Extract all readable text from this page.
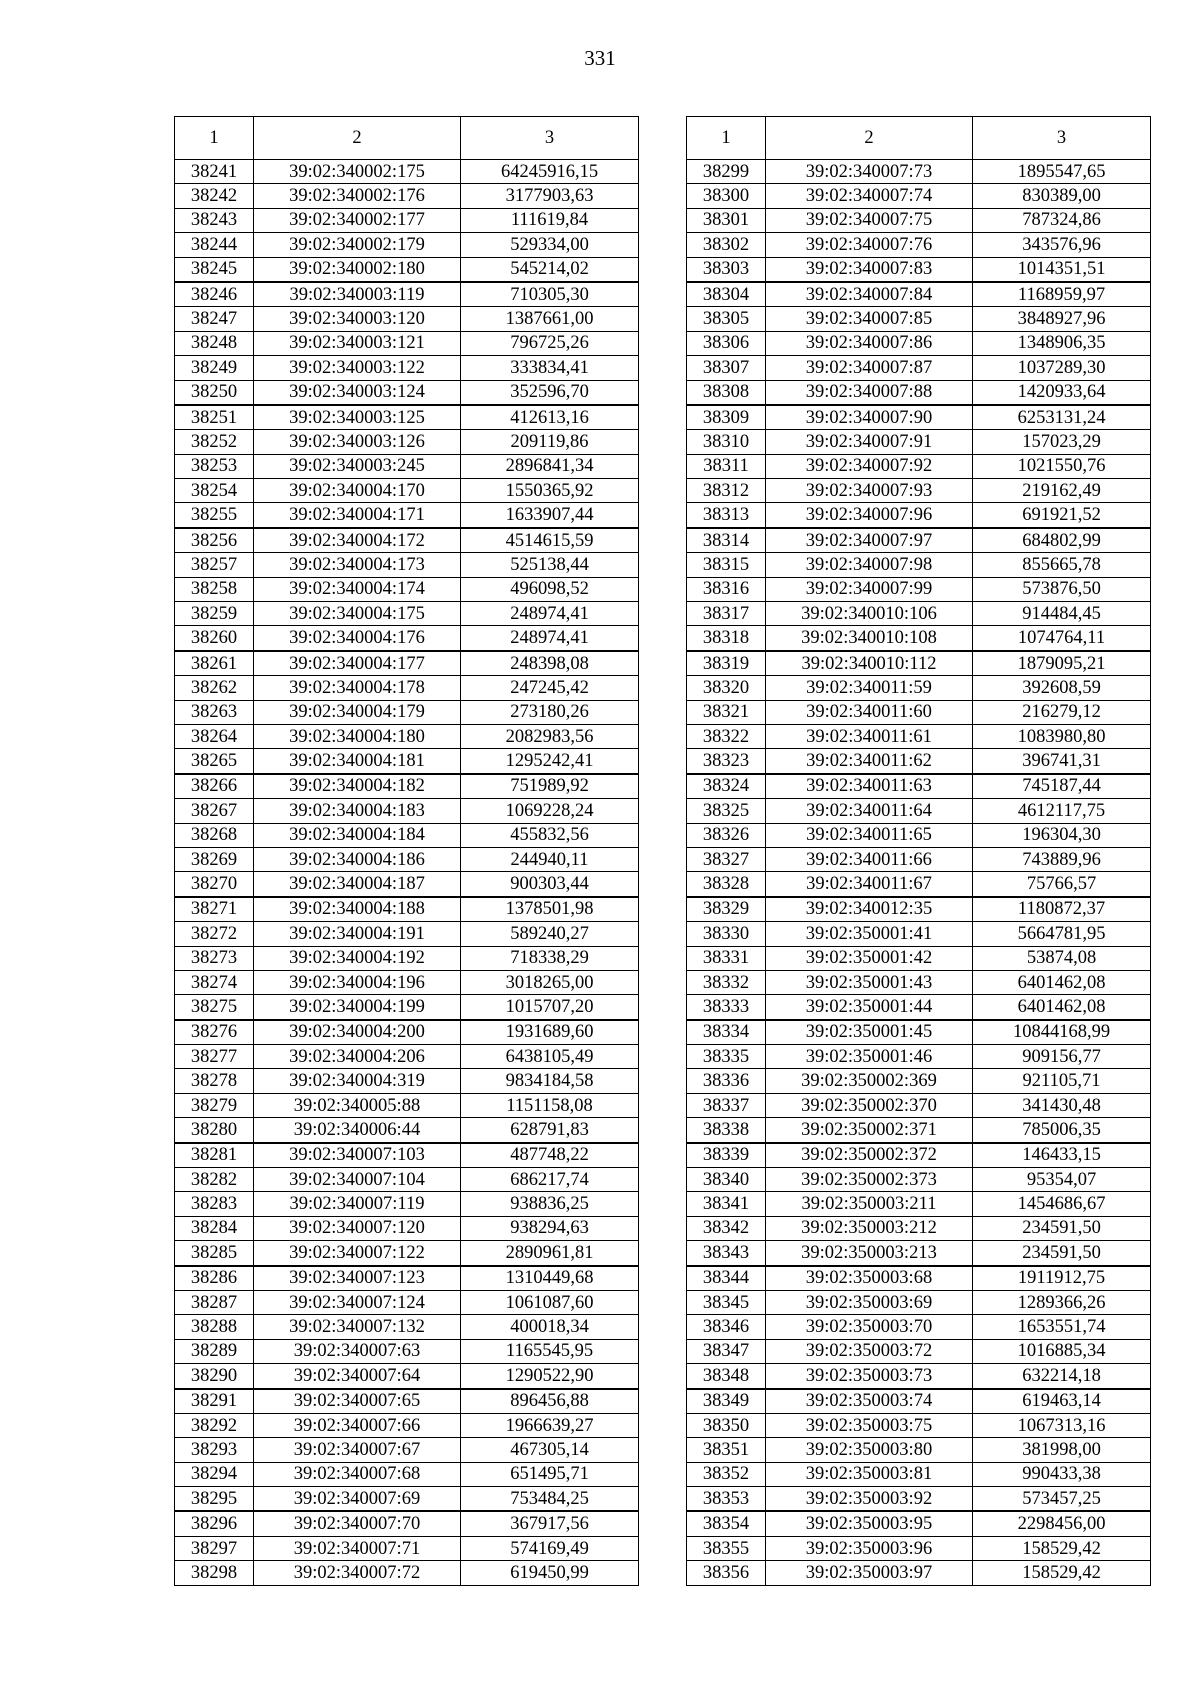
331
1	2	3
38241	39:02:340002:175	64245916,15
38242	39:02:340002:176	3177903,63
38243	39:02:340002:177	111619,84
38244	39:02:340002:179	529334,00
38245	39:02:340002:180	545214,02
38246	39:02:340003:119	710305,30
38247	39:02:340003:120	1387661,00
38248	39:02:340003:121	796725,26
38249	39:02:340003:122	333834,41
38250	39:02:340003:124	352596,70
38251	39:02:340003:125	412613,16
38252	39:02:340003:126	209119,86
38253	39:02:340003:245	2896841,34
38254	39:02:340004:170	1550365,92
38255	39:02:340004:171	1633907,44
38256	39:02:340004:172	4514615,59
38257	39:02:340004:173	525138,44
38258	39:02:340004:174	496098,52
38259	39:02:340004:175	248974,41
38260	39:02:340004:176	248974,41
38261	39:02:340004:177	248398,08
38262	39:02:340004:178	247245,42
38263	39:02:340004:179	273180,26
38264	39:02:340004:180	2082983,56
38265	39:02:340004:181	1295242,41
38266	39:02:340004:182	751989,92
38267	39:02:340004:183	1069228,24
38268	39:02:340004:184	455832,56
38269	39:02:340004:186	244940,11
38270	39:02:340004:187	900303,44
38271	39:02:340004:188	1378501,98
38272	39:02:340004:191	589240,27
38273	39:02:340004:192	718338,29
38274	39:02:340004:196	3018265,00
38275	39:02:340004:199	1015707,20
38276	39:02:340004:200	1931689,60
38277	39:02:340004:206	6438105,49
38278	39:02:340004:319	9834184,58
38279	39:02:340005:88	1151158,08
38280	39:02:340006:44	628791,83
38281	39:02:340007:103	487748,22
38282	39:02:340007:104	686217,74
38283	39:02:340007:119	938836,25
38284	39:02:340007:120	938294,63
38285	39:02:340007:122	2890961,81
38286	39:02:340007:123	1310449,68
38287	39:02:340007:124	1061087,60
38288	39:02:340007:132	400018,34
38289	39:02:340007:63	1165545,95
38290	39:02:340007:64	1290522,90
38291	39:02:340007:65	896456,88
38292	39:02:340007:66	1966639,27
38293	39:02:340007:67	467305,14
38294	39:02:340007:68	651495,71
38295	39:02:340007:69	753484,25
38296	39:02:340007:70	367917,56
38297	39:02:340007:71	574169,49
38298	39:02:340007:72	619450,99
1	2	3
38299	39:02:340007:73	1895547,65
38300	39:02:340007:74	830389,00
38301	39:02:340007:75	787324,86
38302	39:02:340007:76	343576,96
38303	39:02:340007:83	1014351,51
38304	39:02:340007:84	1168959,97
38305	39:02:340007:85	3848927,96
38306	39:02:340007:86	1348906,35
38307	39:02:340007:87	1037289,30
38308	39:02:340007:88	1420933,64
38309	39:02:340007:90	6253131,24
38310	39:02:340007:91	157023,29
38311	39:02:340007:92	1021550,76
38312	39:02:340007:93	219162,49
38313	39:02:340007:96	691921,52
38314	39:02:340007:97	684802,99
38315	39:02:340007:98	855665,78
38316	39:02:340007:99	573876,50
38317	39:02:340010:106	914484,45
38318	39:02:340010:108	1074764,11
38319	39:02:340010:112	1879095,21
38320	39:02:340011:59	392608,59
38321	39:02:340011:60	216279,12
38322	39:02:340011:61	1083980,80
38323	39:02:340011:62	396741,31
38324	39:02:340011:63	745187,44
38325	39:02:340011:64	4612117,75
38326	39:02:340011:65	196304,30
38327	39:02:340011:66	743889,96
38328	39:02:340011:67	75766,57
38329	39:02:340012:35	1180872,37
38330	39:02:350001:41	5664781,95
38331	39:02:350001:42	53874,08
38332	39:02:350001:43	6401462,08
38333	39:02:350001:44	6401462,08
38334	39:02:350001:45	10844168,99
38335	39:02:350001:46	909156,77
38336	39:02:350002:369	921105,71
38337	39:02:350002:370	341430,48
38338	39:02:350002:371	785006,35
38339	39:02:350002:372	146433,15
38340	39:02:350002:373	95354,07
38341	39:02:350003:211	1454686,67
38342	39:02:350003:212	234591,50
38343	39:02:350003:213	234591,50
38344	39:02:350003:68	1911912,75
38345	39:02:350003:69	1289366,26
38346	39:02:350003:70	1653551,74
38347	39:02:350003:72	1016885,34
38348	39:02:350003:73	632214,18
38349	39:02:350003:74	619463,14
38350	39:02:350003:75	1067313,16
38351	39:02:350003:80	381998,00
38352	39:02:350003:81	990433,38
38353	39:02:350003:92	573457,25
38354	39:02:350003:95	2298456,00
38355	39:02:350003:96	158529,42
38356	39:02:350003:97	158529,42
